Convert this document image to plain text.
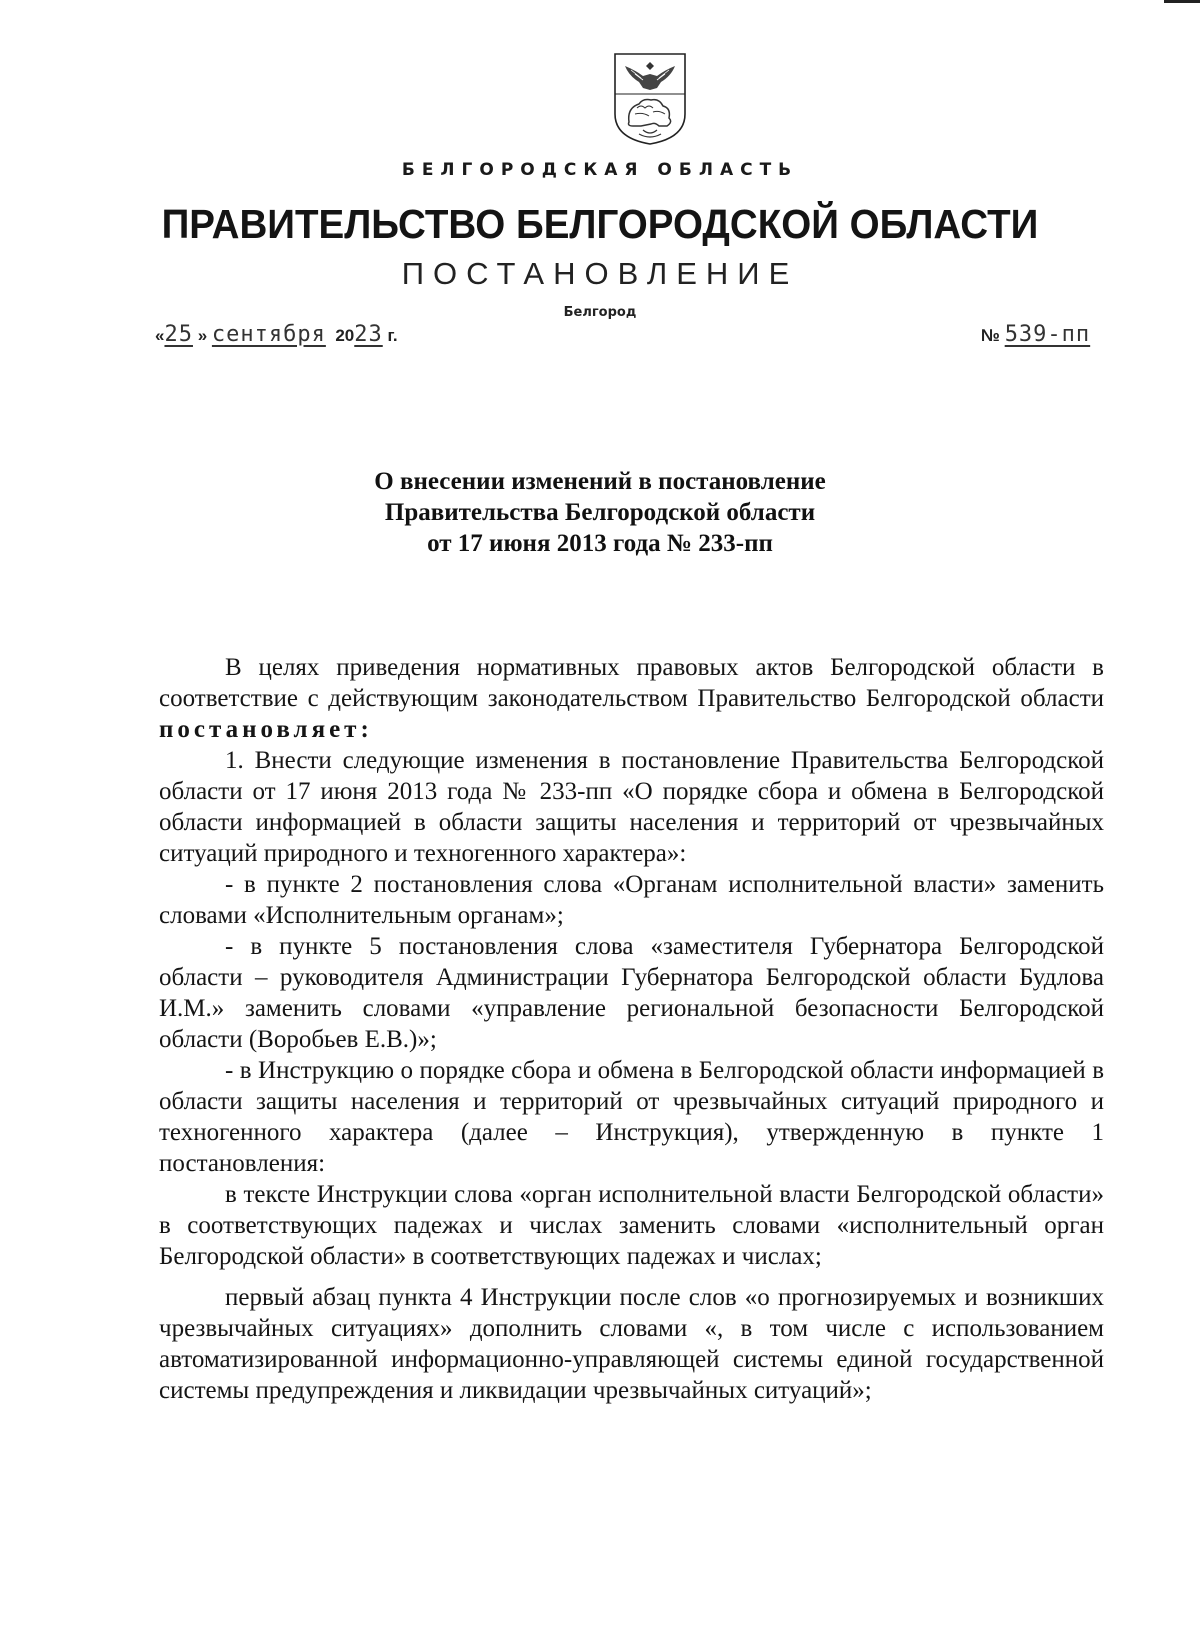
БЕЛГОРОДСКАЯ ОБЛАСТЬ
ПРАВИТЕЛЬСТВО БЕЛГОРОДСКОЙ ОБЛАСТИ
ПОСТАНОВЛЕНИЕ
Белгород
«25 » сентября 2023 г.	№ 539-пп
О внесении изменений в постановление
Правительства Белгородской области
от 17 июня 2013 года № 233-пп

В целях приведения нормативных правовых актов Белгородской области в соответствие с действующим законодательством Правительство Белгородской области постановляет:

1. Внести следующие изменения в постановление Правительства Белгородской области от 17 июня 2013 года № 233-пп «О порядке сбора и обмена в Белгородской области информацией в области защиты населения и территорий от чрезвычайных ситуаций природного и техногенного характера»:

- в пункте 2 постановления слова «Органам исполнительной власти» заменить словами «Исполнительным органам»;

- в пункте 5 постановления слова «заместителя Губернатора Белгородской области – руководителя Администрации Губернатора Белгородской области Будлова И.М.» заменить словами «управление региональной безопасности Белгородской области (Воробьев Е.В.)»;

- в Инструкцию о порядке сбора и обмена в Белгородской области информацией в области защиты населения и территорий от чрезвычайных ситуаций природного и техногенного характера (далее – Инструкция), утвержденную в пункте 1 постановления:

в тексте Инструкции слова «орган исполнительной власти Белгородской области» в соответствующих падежах и числах заменить словами «исполнительный орган Белгородской области» в соответствующих падежах и числах;

первый абзац пункта 4 Инструкции после слов «о прогнозируемых и возникших чрезвычайных ситуациях» дополнить словами «, в том числе с использованием автоматизированной информационно-управляющей системы единой государственной системы предупреждения и ликвидации чрезвычайных ситуаций»;
